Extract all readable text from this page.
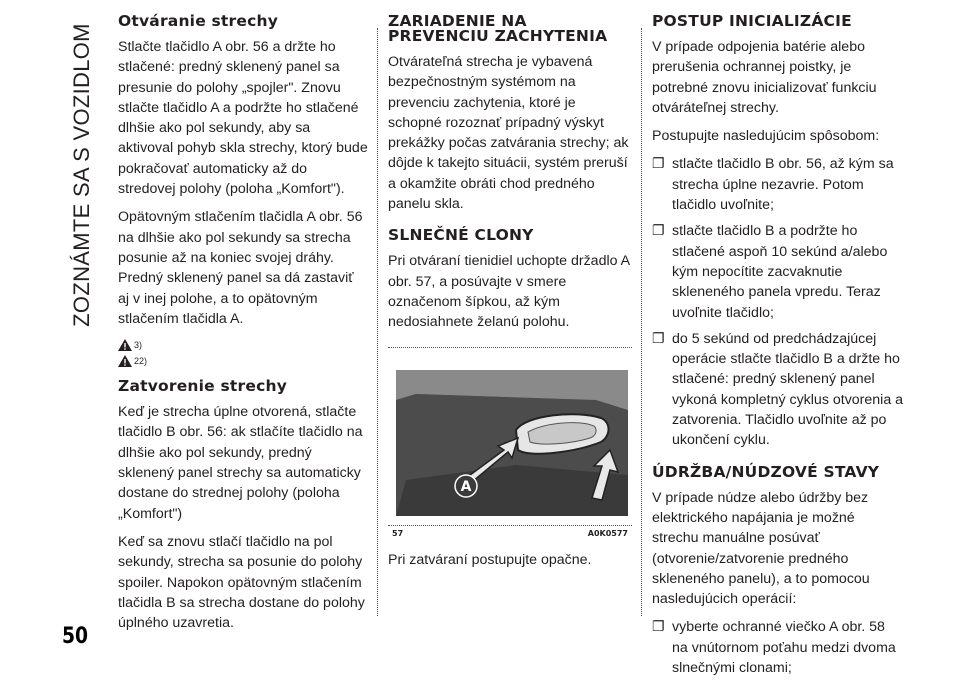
ZOZNÁMTE SA S VOZIDLOM
Otváranie strechy

Stlačte tlačidlo A obr. 56 a držte ho stlačené: predný sklenený panel sa presunie do polohy „spojler". Znovu stlačte tlačidlo A a podržte ho stlačené dlhšie ako pol sekundy, aby sa aktivoval pohyb skla strechy, ktorý bude pokračovať automaticky až do stredovej polohy (poloha „Komfort").

Opätovným stlačením tlačidla A obr. 56 na dlhšie ako pol sekundy sa strecha posunie až na koniec svojej dráhy. Predný sklenený panel sa dá zastaviť aj v inej polohe, a to opätovným stlačením tlačidla A.

3)
22)
Zatvorenie strechy

Keď je strecha úplne otvorená, stlačte tlačidlo B obr. 56: ak stlačíte tlačidlo na dlhšie ako pol sekundy, predný sklenený panel strechy sa automaticky dostane do strednej polohy (poloha „Komfort")

Keď sa znovu stlačí tlačidlo na pol sekundy, strecha sa posunie do polohy spoiler. Napokon opätovným stlačením tlačidla B sa strecha dostane do polohy úplného uzavretia.

ZARIADENIE NA PREVENCIU ZACHYTENIA

Otvárateľná strecha je vybavená bezpečnostným systémom na prevenciu zachytenia, ktoré je schopné rozoznať prípadný výskyt prekážky počas zatvárania strechy; ak dôjde k takejto situácii, systém preruší a okamžite obráti chod predného panelu skla.

SLNEČNÉ CLONY

Pri otváraní tienidiel uchopte držadlo A obr. 57, a posúvajte v smere označenom šípkou, až kým nedosiahnete želanú polohu.

A
57	A0K0577

Pri zatváraní postupujte opačne.

POSTUP INICIALIZÁCIE

V prípade odpojenia batérie alebo prerušenia ochrannej poistky, je potrebné znovu inicializovať funkciu otváráteľnej strechy.

Postupujte nasledujúcim spôsobom:

❐ stlačte tlačidlo B obr. 56, až kým sa strecha úplne nezavrie. Potom tlačidlo uvoľnite;
❐ stlačte tlačidlo B a podržte ho stlačené aspoň 10 sekúnd a/alebo kým nepocítite zacvaknutie skleneného panela vpredu. Teraz uvoľnite tlačidlo;
❐ do 5 sekúnd od predchádzajúcej operácie stlačte tlačidlo B a držte ho stlačené: predný sklenený panel vykoná kompletný cyklus otvorenia a zatvorenia. Tlačidlo uvoľnite až po ukončení cyklu.
ÚDRŽBA/NÚDZOVÉ STAVY

V prípade núdze alebo údržby bez elektrického napájania je možné strechu manuálne posúvať (otvorenie/zatvorenie predného skleneného panelu), a to pomocou nasledujúcich operácií:

❐ vyberte ochranné viečko A obr. 58 na vnútornom poťahu medzi dvoma slnečnými clonami;
50
